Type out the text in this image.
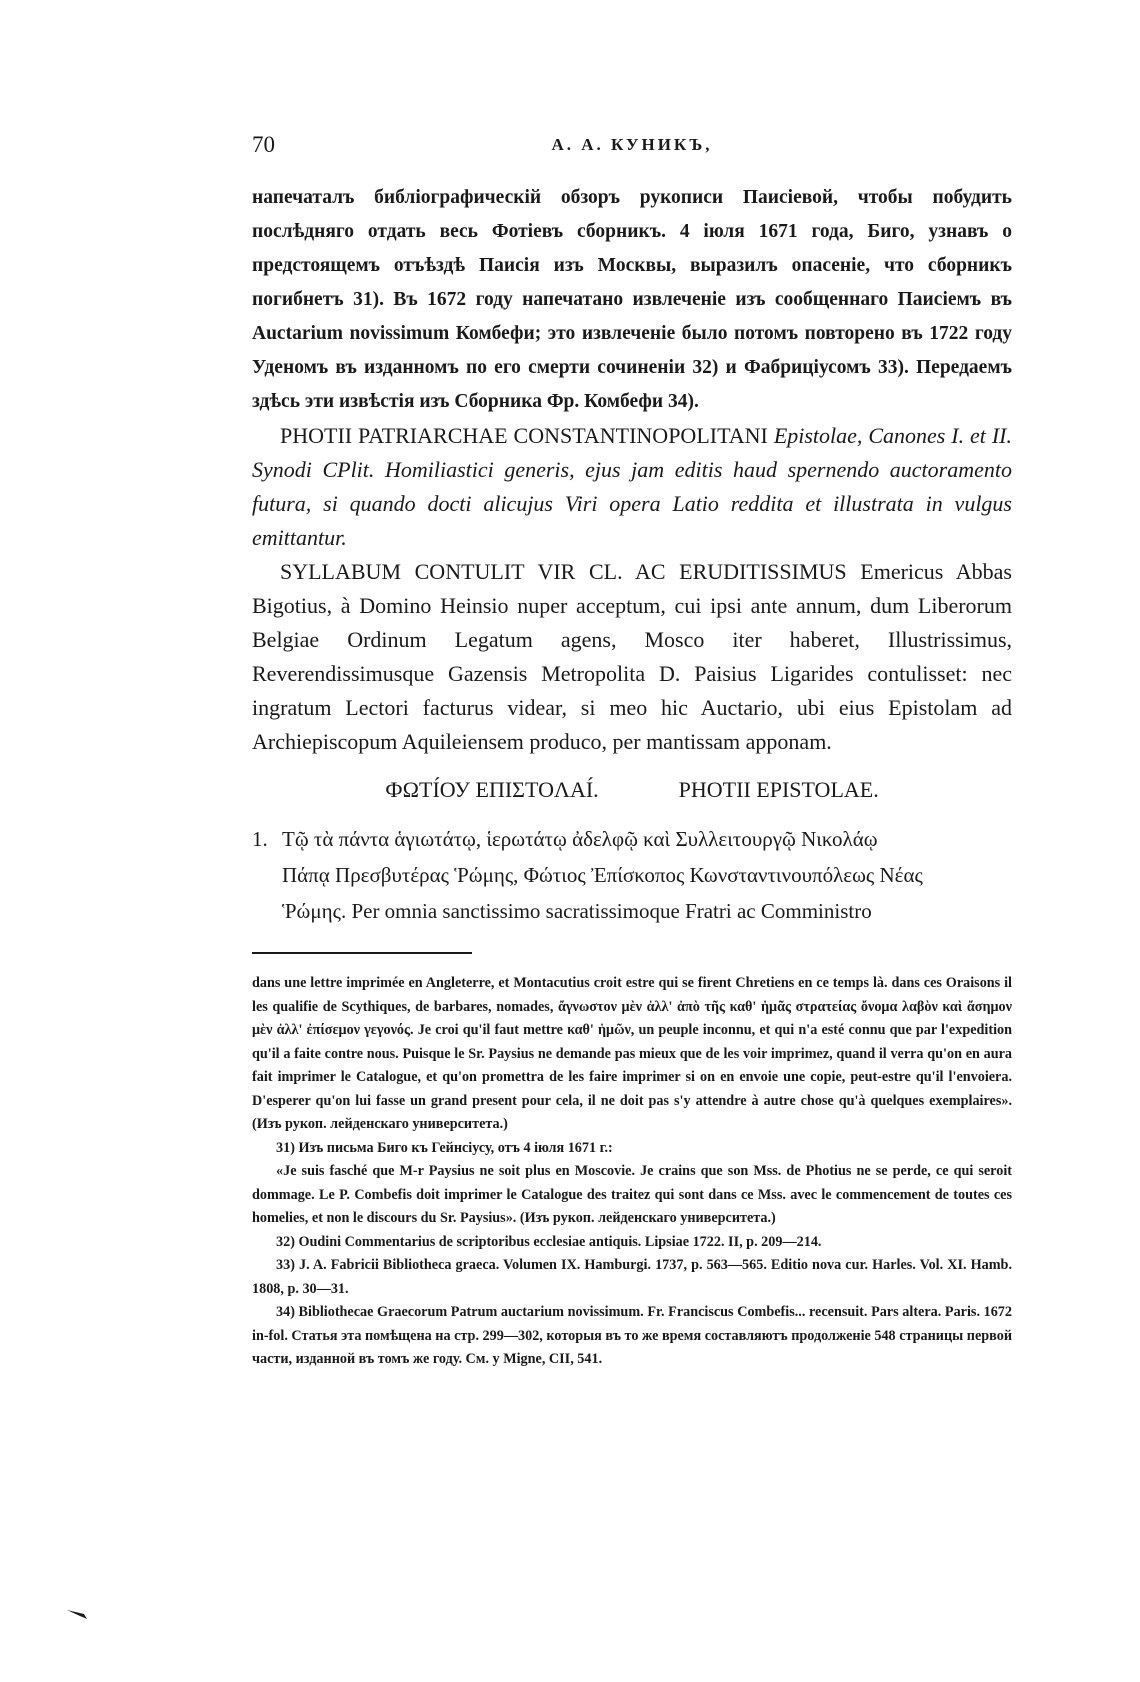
70	А. А. КУНИКЪ,

напечаталъ библіографическій обзоръ рукописи Паисіевой, чтобы побудить послѣдняго отдать весь Фотіевъ сборникъ. 4 іюля 1671 года, Биго, узнавъ о предстоящемъ отъѣздѣ Паисія изъ Москвы, выразилъ опасеніе, что сборникъ погибнетъ 31). Въ 1672 году напечатано извлеченіе изъ сообщеннаго Паисіемъ въ Auctarium novissimum Комбефи; это извлеченіе было потомъ повторено въ 1722 году Уденомъ въ изданномъ по его смерти сочиненіи 32) и Фабриціусомъ 33). Передаемъ здѣсь эти извѣстія изъ Сборника Фр. Комбефи 34).

PHOTII PATRIARCHAE CONSTANTINOPOLITANI Epistolae, Canones I. et II. Synodi CPlit. Homiliastici generis, ejus jam editis haud spernendo auctoramento futura, si quando docti alicujus Viri opera Latio reddita et illustrata in vulgus emittantur.

SYLLABUM CONTULIT VIR CL. AC ERUDITISSIMUS Emericus Abbas Bigotius, à Domino Heinsio nuper acceptum, cui ipsi ante annum, dum Liberorum Belgiae Ordinum Legatum agens, Mosco iter haberet, Illustrissimus, Reverendissimusque Gazensis Metropolita D. Paisius Ligarides contulisset: nec ingratum Lectori facturus videar, si meo hic Auctario, ubi eius Epistolam ad Archiepiscopum Aquileiensem produco, per mantissam apponam.

ФΩТІ́ОУ ЕПІΣТОΛАІ́.	PHOTII EPISTOLAE.
1. Τῷ τὰ πάντα ἁγιωτάτῳ, ἱερωτάτῳ ἀδελφῷ καὶ Συλλειτουργῷ Νικολάῳ
Πάπᾳ Πρεσβυτέρας Ῥώμης, Φώτιος Ἐπίσκοπος Κωνσταντινουπόλεως Νέας
Ῥώμης. Per omnia sanctissimo sacratissimoque Fratri ac Comministro

dans une lettre imprimée en Angleterre, et Montacutius croit estre qui se firent Chretiens en ce temps là. dans ces Oraisons il les qualifie de Scythiques, de barbares, nomades, ἄγνωστον μὲν ἀλλ' ἀπὸ τῆς καθ' ἡμᾶς στρατείας ὄνομα λαβὸν καὶ ἄσημον μὲν ἀλλ' ἐπίσεμον γεγονός. Je croi qu'il faut mettre καθ' ἡμῶν, un peuple inconnu, et qui n'a esté connu que par l'expedition qu'il a faite contre nous. Puisque le Sr. Paysius ne demande pas mieux que de les voir imprimez, quand il verra qu'on en aura fait imprimer le Catalogue, et qu'on promettra de les faire imprimer si on en envoie une copie, peut-estre qu'il l'envoiera. D'esperer qu'on lui fasse un grand present pour cela, il ne doit pas s'y attendre à autre chose qu'à quelques exemplaires». (Изъ рукоп. лейденскаго университета.)

31) Изъ письма Биго къ Гейнсіусу, отъ 4 іюля 1671 г.:

«Je suis fasché que M-r Paysius ne soit plus en Moscovie. Je crains que son Mss. de Photius ne se perde, ce qui seroit dommage. Le P. Combefis doit imprimer le Catalogue des traitez qui sont dans ce Mss. avec le commencement de toutes ces homelies, et non le discours du Sr. Paysius». (Изъ рукоп. лейденскаго университета.)

32) Oudini Commentarius de scriptoribus ecclesiae antiquis. Lipsiae 1722. II, p. 209—214.

33) J. A. Fabricii Bibliotheca graeca. Volumen IX. Hamburgi. 1737, p. 563—565. Editio nova cur. Harles. Vol. XI. Hamb. 1808, p. 30—31.

34) Bibliothecae Graecorum Patrum auctarium novissimum. Fr. Franciscus Combefis... recensuit. Pars altera. Paris. 1672 in-fol. Статья эта помѣщена на стр. 299—302, которыя въ то же время составляютъ продолженіе 548 страницы первой части, изданной въ томъ же году. См. у Migne, CII, 541.
